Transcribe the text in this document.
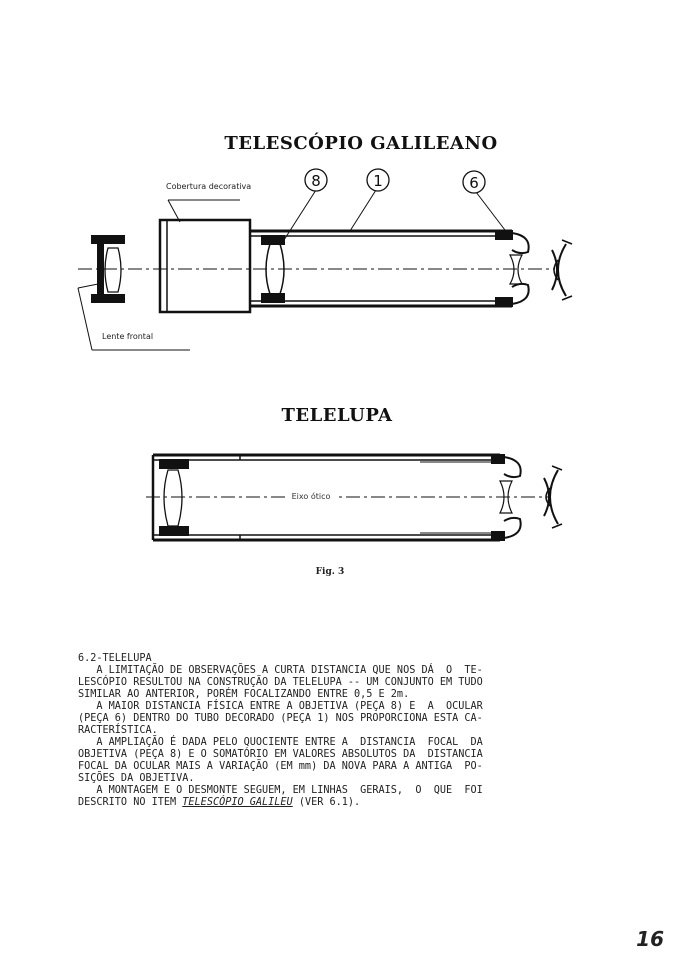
TELESCÓPIO GALILEANO
TELELUPA
8	1	6
Cobertura decorativa
Lente frontal
Eixo ótico
Fig. 3
6.2-TELELUPA
A LIMITAÇÃO DE OBSERVAÇÕES A CURTA DISTANCIA QUE NOS DÁ  O  TE-
LESCÓPIO RESULTOU NA CONSTRUÇÃO DA TELELUPA -- UM CONJUNTO EM TUDO
SIMILAR AO ANTERIOR, PORÉM FOCALIZANDO ENTRE 0,5 E 2m.
A MAIOR DISTANCIA FÍSICA ENTRE A OBJETIVA (PEÇA 8) E  A  OCULAR
(PEÇA 6) DENTRO DO TUBO DECORADO (PEÇA 1) NOS PROPORCIONA ESTA CA-
RACTERÍSTICA.
A AMPLIAÇÃO É DADA PELO QUOCIENTE ENTRE A  DISTANCIA  FOCAL  DA
OBJETIVA (PEÇA 8) E O SOMATÓRIO EM VALORES ABSOLUTOS DA  DISTANCIA
FOCAL DA OCULAR MAIS A VARIAÇÃO (EM mm) DA NOVA PARA A ANTIGA  PO-
SIÇÕES DA OBJETIVA.
A MONTAGEM E O DESMONTE SEGUEM, EM LINHAS  GERAIS,  O  QUE  FOI
DESCRITO NO ITEM TELESCÓPIO GALILEU (VER 6.1).
16
